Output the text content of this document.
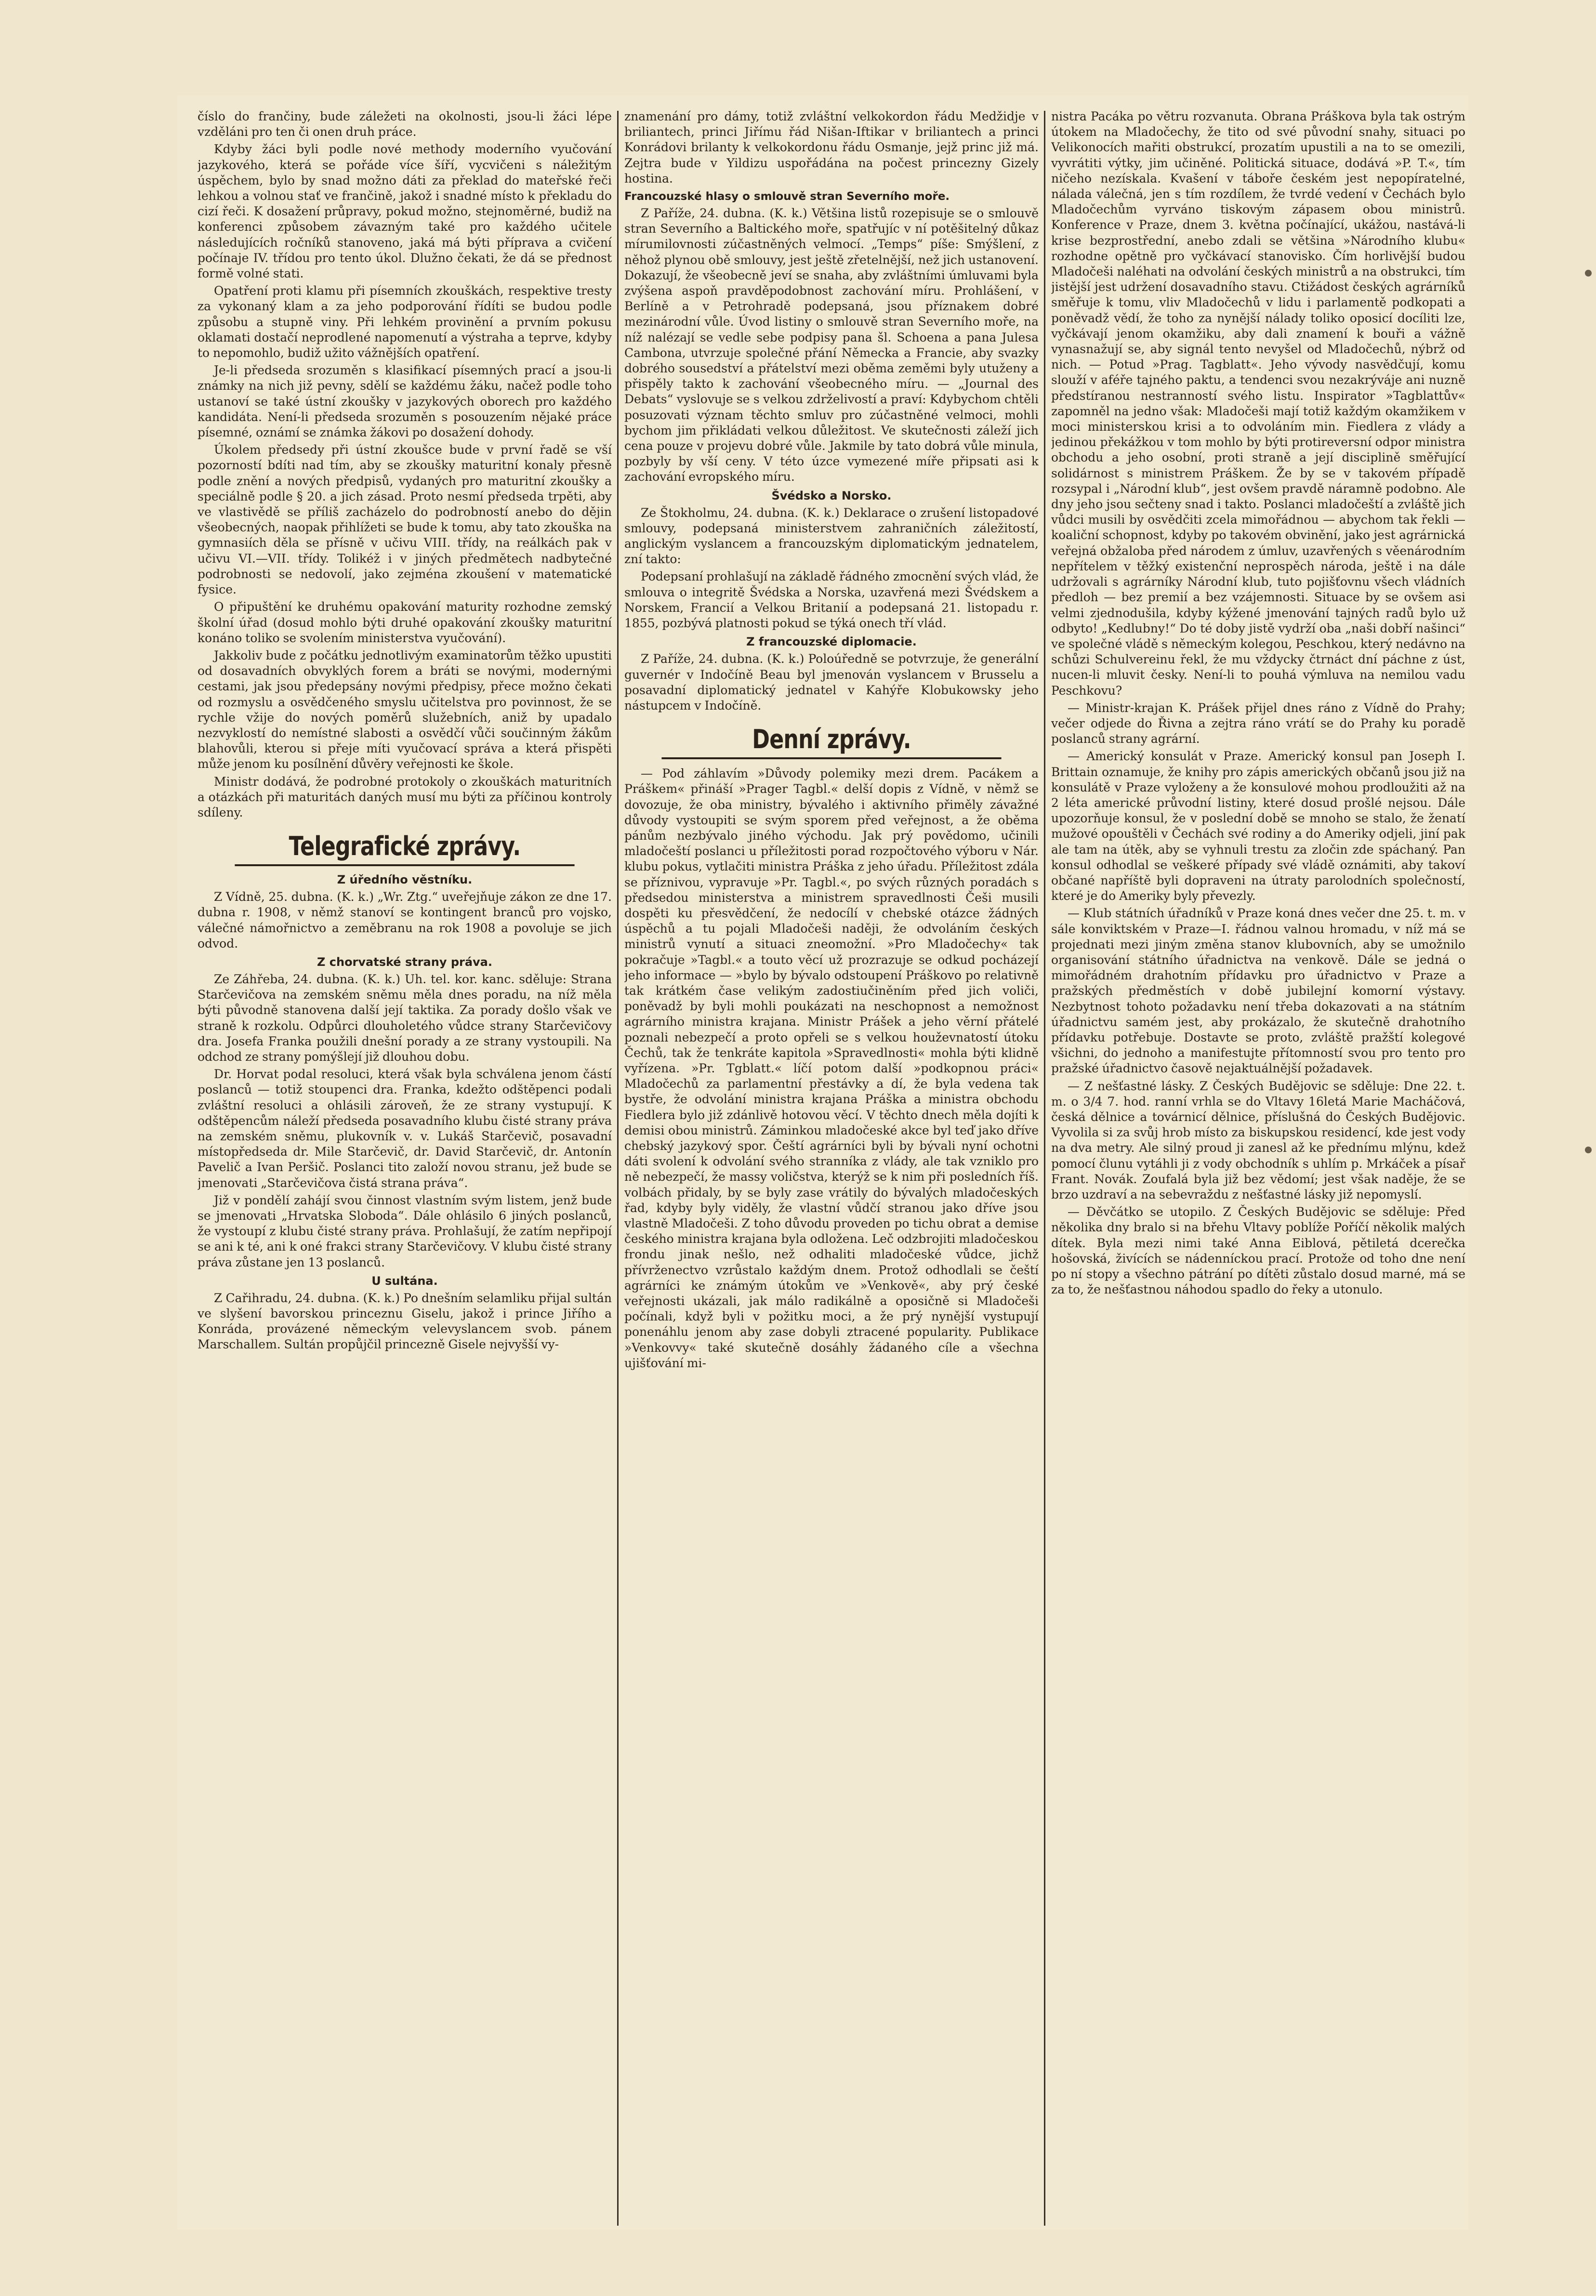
číslo do frančiny, bude záležeti na okolnosti, jsou-li žáci lépe vzděláni pro ten či onen druh práce.

Kdyby žáci byli podle nové methody moderního vyučování jazykového, která se pořáde více šíří, vycvičeni s náležitým úspěchem, bylo by snad možno dáti za překlad do mateřské řeči lehkou a volnou stať ve frančině, jakož i snadné místo k překladu do cizí řeči. K dosažení průpravy, pokud možno, stejnoměrné, budiž na konferenci způsobem závazným také pro každého učitele následujících ročníků stanoveno, jaká má býti příprava a cvičení počínaje IV. třídou pro tento úkol. Dlužno čekati, že dá se přednost formě volné stati.

Opatření proti klamu při písemních zkouškách, respektive tresty za vykonaný klam a za jeho podporování řídíti se budou podle způsobu a stupně viny. Při lehkém provinění a prvním pokusu oklamati dostačí neprodlené napomenutí a výstraha a teprve, kdyby to nepomohlo, budiž užito vážnějších opatření.

Je-li předseda srozuměn s klasifikací písemných prací a jsou-li známky na nich již pevny, sdělí se každému žáku, načež podle toho ustanoví se také ústní zkoušky v jazykových oborech pro každého kandidáta. Není-li předseda srozuměn s posouzením nějaké práce písemné, oznámí se známka žákovi po dosažení dohody.

Úkolem předsedy při ústní zkoušce bude v první řadě se vší pozorností bdíti nad tím, aby se zkoušky maturitní konaly přesně podle znění a nových předpisů, vydaných pro maturitní zkoušky a speciálně podle § 20. a jich zásad. Proto nesmí předseda trpěti, aby ve vlastivědě se příliš zacházelo do podrobností anebo do dějin všeobecných, naopak přihlížeti se bude k tomu, aby tato zkouška na gymnasiích děla se přísně v učivu VIII. třídy, na reálkách pak v učivu VI.—VII. třídy. Tolikéž i v jiných předmětech nadbytečné podrobnosti se nedovolí, jako zejména zkoušení v matematické fysice.

O připuštění ke druhému opakování maturity rozhodne zemský školní úřad (dosud mohlo býti druhé opakování zkoušky maturitní konáno toliko se svolením ministerstva vyučování).

Jakkoliv bude z počátku jednotlivým examinatorům těžko upustiti od dosavadních obvyklých forem a bráti se novými, modernými cestami, jak jsou předepsány novými předpisy, přece možno čekati od rozmyslu a osvědčeného smyslu učitelstva pro povinnost, že se rychle vžije do nových poměrů služebních, aniž by upadalo nezvyklostí do nemístné slabosti a osvědčí vůči součinným žákům blahovůli, kterou si přeje míti vyučovací správa a která přispěti může jenom ku posílnění důvěry veřejnosti ke škole.

Ministr dodává, že podrobné protokoly o zkouškách maturitních a otázkách při maturitách daných musí mu býti za příčinou kontroly sdíleny.

Telegrafické zprávy.
Z úředního věstníku.

Z Vídně, 25. dubna. (K. k.) „Wr. Ztg.“ uveřejňuje zákon ze dne 17. dubna r. 1908, v němž stanoví se kontingent branců pro vojsko, válečné námořnictvo a zeměbranu na rok 1908 a povoluje se jich odvod.

Z chorvatské strany práva.

Ze Záhřeba, 24. dubna. (K. k.) Uh. tel. kor. kanc. sděluje: Strana Starčevičova na zemském sněmu měla dnes poradu, na níž měla býti původně stanovena další její taktika. Za porady došlo však ve straně k rozkolu. Odpůrci dlouholetého vůdce strany Starčevičovy dra. Josefa Franka použili dnešní porady a ze strany vystoupili. Na odchod ze strany pomýšlejí již dlouhou dobu.

Dr. Horvat podal resoluci, která však byla schválena jenom částí poslanců — totiž stoupenci dra. Franka, kdežto odštěpenci podali zvláštní resoluci a ohlásili zároveň, že ze strany vystupují. K odštěpencům náleží předseda posavadního klubu čisté strany práva na zemském sněmu, plukovník v. v. Lukáš Starčevič, posavadní místopředseda dr. Mile Starčevič, dr. David Starčevič, dr. Antonín Pavelič a Ivan Peršič. Poslanci tito založí novou stranu, jež bude se jmenovati „Starčevičova čistá strana práva“.

Již v pondělí zahájí svou činnost vlastním svým listem, jenž bude se jmenovati „Hrvatska Sloboda“. Dále ohlásilo 6 jiných poslanců, že vystoupí z klubu čisté strany práva. Prohlašují, že zatím nepřipojí se ani k té, ani k oné frakci strany Starčevičovy. V klubu čisté strany práva zůstane jen 13 poslanců.

U sultána.

Z Cařihradu, 24. dubna. (K. k.) Po dnešním selamliku přijal sultán ve slyšení bavorskou princeznu Giselu, jakož i prince Jiřího a Konráda, provázené německým velevyslancem svob. pánem Marschallem. Sultán propůjčil princezně Gisele nejvyšší vy-

znamenání pro dámy, totiž zvláštní velkokordon řádu Medžidje v briliantech, princi Jiřímu řád Nišan-Iftikar v briliantech a princi Konrádovi brilanty k velkokordonu řádu Osmanje, jejž princ již má. Zejtra bude v Yildizu uspořádána na počest princezny Gizely hostina.

Francouzské hlasy o smlouvě stran Severního moře.

Z Paříže, 24. dubna. (K. k.) Většina listů rozepisuje se o smlouvě stran Severního a Baltického moře, spatřujíc v ní potěšitelný důkaz mírumilovnosti zúčastněných velmocí. „Temps“ píše: Smýšlení, z něhož plynou obě smlouvy, jest ještě zřetelnější, než jich ustanovení. Dokazují, že všeobecně jeví se snaha, aby zvláštními úmluvami byla zvýšena aspoň pravděpodobnost zachování míru. Prohlášení, v Berlíně a v Petrohradě podepsaná, jsou příznakem dobré mezinárodní vůle. Úvod listiny o smlouvě stran Severního moře, na níž nalézají se vedle sebe podpisy pana šl. Schoena a pana Julesa Cambona, utvrzuje společné přání Německa a Francie, aby svazky dobrého sousedství a přátelství mezi oběma zeměmi byly utuženy a přispěly takto k zachování všeobecného míru. — „Journal des Debats“ vyslovuje se s velkou zdrželivostí a praví: Kdybychom chtěli posuzovati význam těchto smluv pro zúčastněné velmoci, mohli bychom jim přikládati velkou důležitost. Ve skutečnosti záleží jich cena pouze v projevu dobré vůle. Jakmile by tato dobrá vůle minula, pozbyly by vší ceny. V této úzce vymezené míře připsati asi k zachování evropského míru.

Švédsko a Norsko.

Ze Štokholmu, 24. dubna. (K. k.) Deklarace o zrušení listopadové smlouvy, podepsaná ministerstvem zahraničních záležitostí, anglickým vyslancem a francouzským diplomatickým jednatelem, zní takto:

Podepsaní prohlašují na základě řádného zmocnění svých vlád, že smlouva o integritě Švédska a Norska, uzavřená mezi Švédskem a Norskem, Francií a Velkou Britanií a podepsaná 21. listopadu r. 1855, pozbývá platnosti pokud se týká onech tří vlád.

Z francouzské diplomacie.

Z Paříže, 24. dubna. (K. k.) Poloúředně se potvrzuje, že generální guvernér v Indočíně Beau byl jmenován vyslancem v Brusselu a posavadní diplomatický jednatel v Kahýře Klobukowsky jeho nástupcem v Indočíně.

Denní zprávy.

— Pod záhlavím »Důvody polemiky mezi drem. Pacákem a Práškem« přináší »Prager Tagbl.« delší dopis z Vídně, v němž se dovozuje, že oba ministry, bývalého i aktivního přiměly závažné důvody vystoupiti se svým sporem před veřejnost, a že oběma pánům nezbývalo jiného východu. Jak prý povědomo, učinili mladočeští poslanci u příležitosti porad rozpočtového výboru v Nár. klubu pokus, vytlačiti ministra Práška z jeho úřadu. Příležitost zdála se příznivou, vypravuje »Pr. Tagbl.«, po svých různých poradách s předsedou ministerstva a ministrem spravedlnosti Češi musili dospěti ku přesvědčení, že nedocílí v chebské otázce žádných úspěchů a tu pojali Mladočeši naději, že odvoláním českých ministrů vynutí a situaci zneomožní. »Pro Mladočechy« tak pokračuje »Tagbl.« a touto věcí už prozrazuje se odkud pocházejí jeho informace — »bylo by bývalo odstoupení Práškovo po relativně tak krátkém čase velikým zadostiučiněním před jich voliči, poněvadž by byli mohli poukázati na neschopnost a nemožnost agrárního ministra krajana. Ministr Prášek a jeho věrní přátelé poznali nebezpečí a proto opřeli se s velkou houževnatostí útoku Čechů, tak že tenkráte kapitola »Spravedlnosti« mohla býti klidně vyřízena. »Pr. Tgblatt.« líčí potom další »podkopnou práci« Mladočechů za parlamentní přestávky a dí, že byla vedena tak bystře, že odvolání ministra krajana Práška a ministra obchodu Fiedlera bylo již zdánlivě hotovou věcí. V těchto dnech měla dojíti k demisi obou ministrů. Záminkou mladočeské akce byl teď jako dříve chebský jazykový spor. Čeští agrárníci byli by bývali nyní ochotni dáti svolení k odvolání svého stranníka z vlády, ale tak vzniklo pro ně nebezpečí, že massy voličstva, kterýž se k nim při posledních říš. volbách přidaly, by se byly zase vrátily do bývalých mladočeských řad, kdyby byly viděly, že vlastní vůdčí stranou jako dříve jsou vlastně Mladočeši. Z toho důvodu proveden po tichu obrat a demise českého ministra krajana byla odložena. Leč odzbrojiti mladočeskou frondu jinak nešlo, než odhaliti mladočeské vůdce, jichž přívrženectvo vzrůstalo každým dnem. Protož odhodlali se čeští agrárníci ke známým útokům ve »Venkově«, aby prý české veřejnosti ukázali, jak málo radikálně a oposičně si Mladočeši počínali, když byli v požitku moci, a že prý nynější vystupují ponenáhlu jenom aby zase dobyli ztracené popularity. Publikace »Venkovvy« také skutečně dosáhly žádaného cíle a všechna ujišťování mi-

nistra Pacáka po větru rozvanuta. Obrana Práškova byla tak ostrým útokem na Mladočechy, že tito od své původní snahy, situaci po Velikonocích mařiti obstrukcí, prozatím upustili a na to se omezili, vyvrátiti výtky, jim učiněné. Politická situace, dodává »P. T.«, tím ničeho nezískala. Kvašení v táboře českém jest nepopíratelné, nálada válečná, jen s tím rozdílem, že tvrdé vedení v Čechách bylo Mladočechům vyrváno tiskovým zápasem obou ministrů. Konference v Praze, dnem 3. května počínající, ukážou, nastává-li krise bezprostřední, anebo zdali se většina »Národního klubu« rozhodne opětně pro vyčkávací stanovisko. Čím horlivější budou Mladočeši naléhati na odvolání českých ministrů a na obstrukci, tím jistější jest udržení dosavadního stavu. Ctižádost českých agrárníků směřuje k tomu, vliv Mladočechů v lidu i parlamentě podkopati a poněvadž vědí, že toho za nynější nálady toliko oposicí docíliti lze, vyčkávají jenom okamžiku, aby dali znamení k bouři a vážně vynasnažují se, aby signál tento nevyšel od Mladočechů, nýbrž od nich. — Potud »Prag. Tagblatt«. Jeho vývody nasvědčují, komu slouží v aféře tajného paktu, a tendenci svou nezakrýváje ani nuzně předstíranou nestranností svého listu. Inspirator »Tagblattův« zapomněl na jedno však: Mladočeši mají totiž každým okamžikem v moci ministerskou krisi a to odvoláním min. Fiedlera z vlády a jedinou překážkou v tom mohlo by býti protireversní odpor ministra obchodu a jeho osobní, proti straně a její disciplině směřující solidárnost s ministrem Práškem. Že by se v takovém případě rozsypal i „Národní klub“, jest ovšem pravdě náramně podobno. Ale dny jeho jsou sečteny snad i takto. Poslanci mladočeští a zvláště jich vůdci musili by osvědčiti zcela mimořádnou — abychom tak řekli — koaliční schopnost, kdyby po takovém obvinění, jako jest agrárnická veřejná obžaloba před národem z úmluv, uzavřených s věenárodním nepřítelem v těžký existenční neprospěch národa, ještě i na dále udržovali s agrárníky Národní klub, tuto pojišťovnu všech vládních předloh — bez premií a bez vzájemnosti. Situace by se ovšem asi velmi zjednodušila, kdyby kýžené jmenování tajných radů bylo už odbyto! „Kedlubny!“ Do té doby jistě vydrží oba „naši dobří našinci“ ve společné vládě s německým kolegou, Peschkou, který nedávno na schůzi Schulvereinu řekl, že mu vždycky čtrnáct dní páchne z úst, nucen-li mluvit česky. Není-li to pouhá výmluva na nemilou vadu Peschkovu?

— Ministr-krajan K. Prášek přijel dnes ráno z Vídně do Prahy; večer odjede do Řivna a zejtra ráno vrátí se do Prahy ku poradě poslanců strany agrární.

— Americký konsulát v Praze. Americký konsul pan Joseph I. Brittain oznamuje, že knihy pro zápis amerických občanů jsou již na konsulátě v Praze vyloženy a že konsulové mohou prodloužiti až na 2 léta americké průvodní listiny, které dosud prošlé nejsou. Dále upozorňuje konsul, že v poslední době se mnoho se stalo, že ženatí mužové opouštěli v Čechách své rodiny a do Ameriky odjeli, jiní pak ale tam na útěk, aby se vyhnuli trestu za zločin zde spáchaný. Pan konsul odhodlal se veškeré případy své vládě oznámiti, aby takoví občané napříště byli dopraveni na útraty parolodních společností, které je do Ameriky byly převezly.

— Klub státních úřadníků v Praze koná dnes večer dne 25. t. m. v sále konviktském v Praze—I. řádnou valnou hromadu, v níž má se projednati mezi jiným změna stanov klubovních, aby se umožnilo organisování státního úřadnictva na venkově. Dále se jedná o mimořádném drahotním přídavku pro úřadnictvo v Praze a pražských předměstích v době jubilejní komorní výstavy. Nezbytnost tohoto požadavku není třeba dokazovati a na státním úřadnictvu samém jest, aby prokázalo, že skutečně drahotního přídavku potřebuje. Dostavte se proto, zvláště pražští kolegové všichni, do jednoho a manifestujte přítomností svou pro tento pro pražské úřadnictvo časově nejaktuálnější požadavek.

— Z nešťastné lásky. Z Českých Budějovic se sděluje: Dne 22. t. m. o 3/4 7. hod. ranní vrhla se do Vltavy 16letá Marie Macháčová, česká dělnice a továrnicí dělnice, příslušná do Českých Budějovic. Vyvolila si za svůj hrob místo za biskupskou residencí, kde jest vody na dva metry. Ale silný proud ji zanesl až ke přednímu mlýnu, kdež pomocí člunu vytáhli ji z vody obchodník s uhlím p. Mrkáček a písař Frant. Novák. Zoufalá byla již bez vědomí; jest však naděje, že se brzo uzdraví a na sebevraždu z nešťastné lásky již nepomyslí.

— Děvčátko se utopilo. Z Českých Budějovic se sděluje: Před několika dny bralo si na břehu Vltavy poblíže Poříčí několik malých dítek. Byla mezi nimi také Anna Eiblová, pětiletá dcerečka hošovská, živících se nádenníckou prací. Protože od toho dne není po ní stopy a všechno pátrání po dítěti zůstalo dosud marné, má se za to, že nešťastnou náhodou spadlo do řeky a utonulo.
